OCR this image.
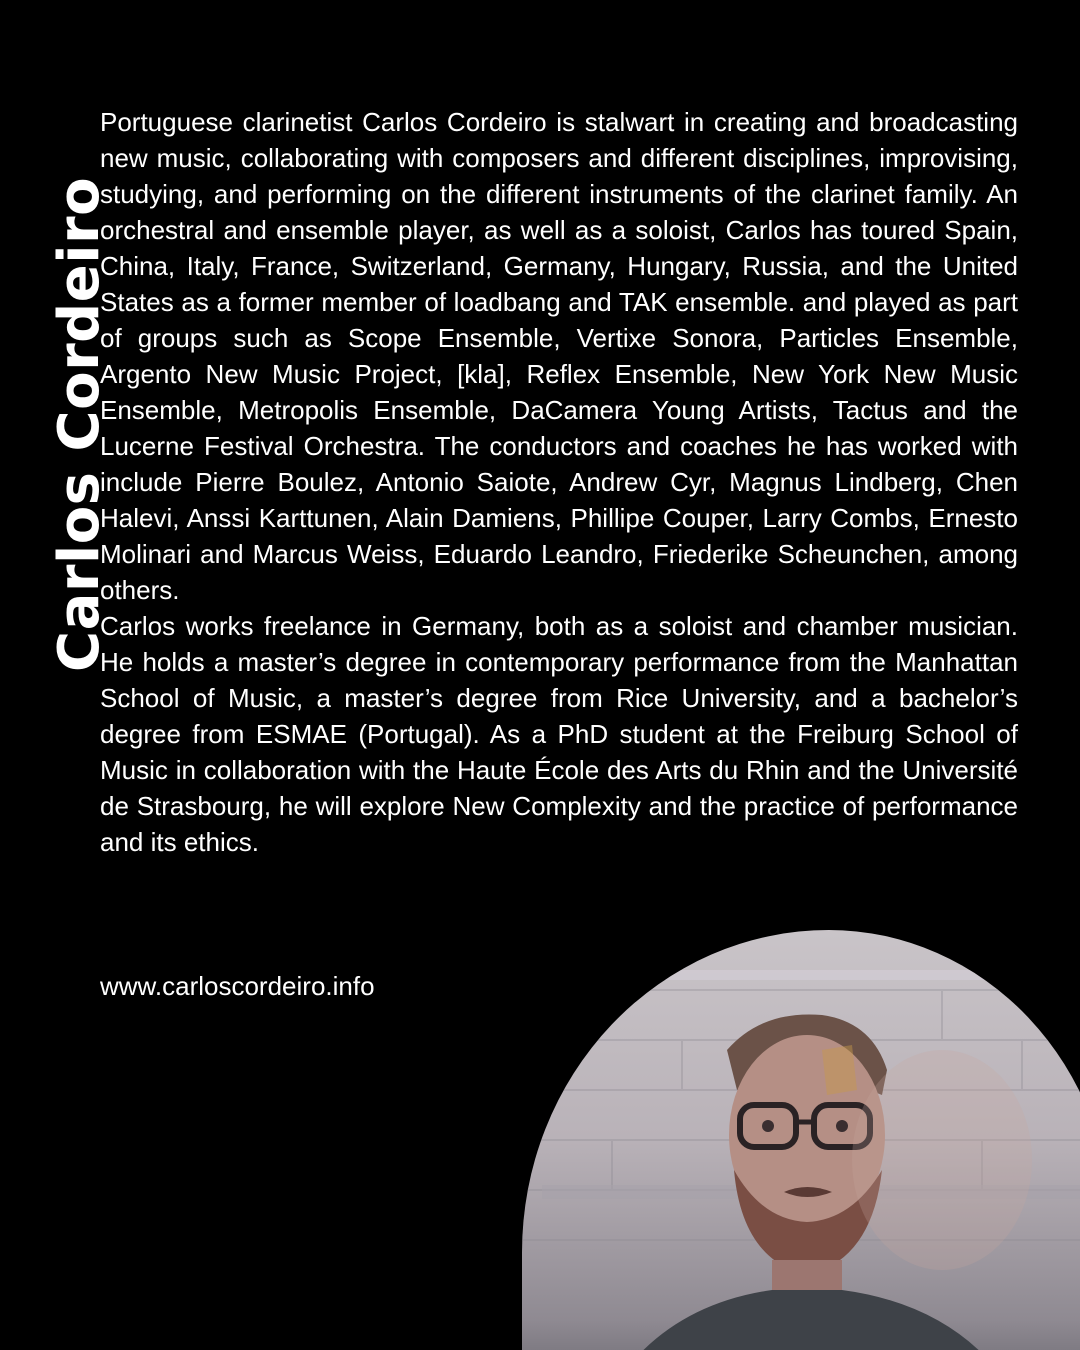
Carlos Cordeiro

Portuguese clarinetist Carlos Cordeiro is stalwart in creating and broadcasting new music, collaborating with composers and different disciplines, improvising, studying, and performing on the different instruments of the clarinet family. An orchestral and ensemble player, as well as a soloist, Carlos has toured Spain, China, Italy, France, Switzerland, Germany, Hungary, Russia, and the United States as a former member of loadbang and TAK ensemble. and played as part of groups such as Scope Ensemble, Vertixe Sonora, Particles Ensemble, Argento New Music Project, [kla], Reflex Ensemble, New York New Music Ensemble, Metropolis Ensemble, DaCamera Young Artists, Tactus and the Lucerne Festival Orchestra. The conductors and coaches he has worked with include Pierre Boulez, Antonio Saiote, Andrew Cyr, Magnus Lindberg, Chen Halevi, Anssi Karttunen, Alain Damiens, Phillipe Couper, Larry Combs, Ernesto Molinari and Marcus Weiss, Eduardo Leandro, Friederike Scheunchen, among others.

Carlos works freelance in Germany, both as a soloist and chamber musician. He holds a master’s degree in contemporary performance from the Manhattan School of Music, a master’s degree from Rice University, and a bachelor’s degree from ESMAE (Portugal). As a PhD student at the Freiburg School of Music in collaboration with the Haute École des Arts du Rhin and the Université de Strasbourg, he will explore New Complexity and the practice of performance and its ethics.

www.carloscordeiro.info
